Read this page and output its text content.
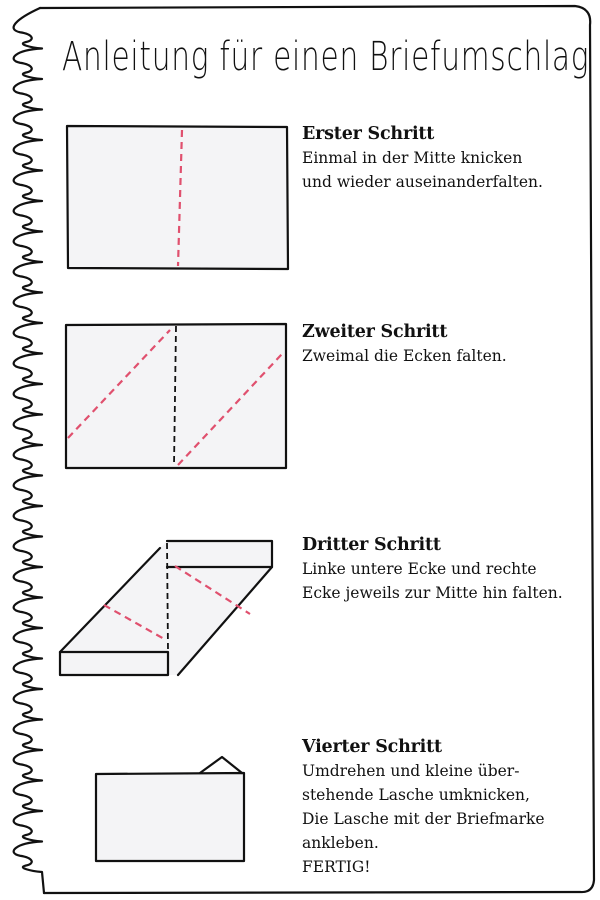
Anleitung für einen Briefumschlag
Erster Schritt

Einmal in der Mitte knicken
und wieder auseinanderfalten.

Zweiter Schritt

Zweimal die Ecken falten.

Dritter Schritt

Linke untere Ecke und rechte
Ecke jeweils zur Mitte hin falten.

Vierter Schritt

Umdrehen und kleine über-
stehende Lasche umknicken,
Die Lasche mit der Briefmarke
ankleben.
FERTIG!
